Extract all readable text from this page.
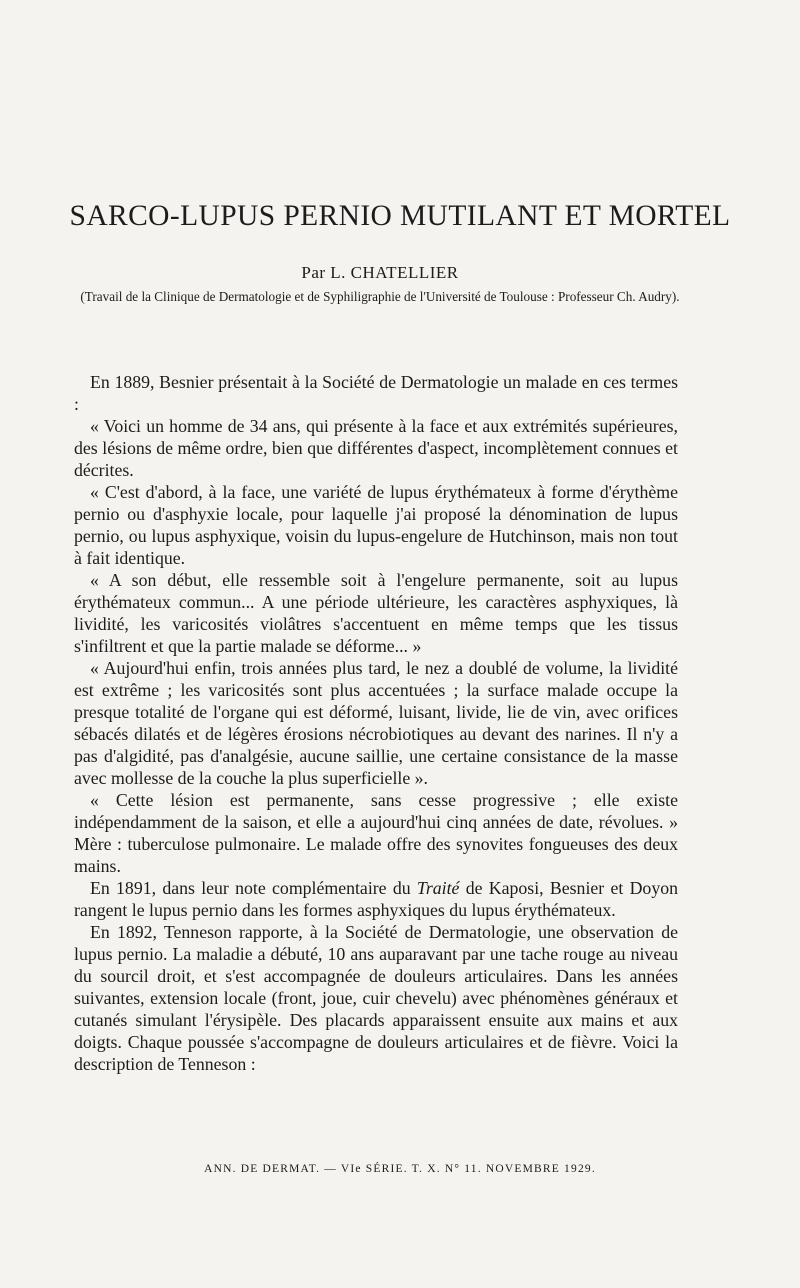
SARCO-LUPUS PERNIO MUTILANT ET MORTEL
Par L. CHATELLIER
(Travail de la Clinique de Dermatologie et de Syphiligraphie de l'Université de Toulouse : Professeur Ch. Audry).

En 1889, Besnier présentait à la Société de Dermatologie un malade en ces termes :

« Voici un homme de 34 ans, qui présente à la face et aux extrémités supérieures, des lésions de même ordre, bien que différentes d'aspect, incomplètement connues et décrites.

« C'est d'abord, à la face, une variété de lupus érythémateux à forme d'érythème pernio ou d'asphyxie locale, pour laquelle j'ai proposé la dénomination de lupus pernio, ou lupus asphyxique, voisin du lupus-engelure de Hutchinson, mais non tout à fait identique.

« A son début, elle ressemble soit à l'engelure permanente, soit au lupus érythémateux commun... A une période ultérieure, les caractères asphyxiques, là lividité, les varicosités violâtres s'accentuent en même temps que les tissus s'infiltrent et que la partie malade se déforme... »

« Aujourd'hui enfin, trois années plus tard, le nez a doublé de volume, la lividité est extrême ; les varicosités sont plus accentuées ; la surface malade occupe la presque totalité de l'organe qui est déformé, luisant, livide, lie de vin, avec orifices sébacés dilatés et de légères érosions nécrobiotiques au devant des narines. Il n'y a pas d'algidité, pas d'analgésie, aucune saillie, une certaine consistance de la masse avec mollesse de la couche la plus superficielle ».

« Cette lésion est permanente, sans cesse progressive ; elle existe indépendamment de la saison, et elle a aujourd'hui cinq années de date, révolues. » Mère : tuberculose pulmonaire. Le malade offre des synovites fongueuses des deux mains.

En 1891, dans leur note complémentaire du Traité de Kaposi, Besnier et Doyon rangent le lupus pernio dans les formes asphyxiques du lupus érythémateux.

En 1892, Tenneson rapporte, à la Société de Dermatologie, une observation de lupus pernio. La maladie a débuté, 10 ans auparavant par une tache rouge au niveau du sourcil droit, et s'est accompagnée de douleurs articulaires. Dans les années suivantes, extension locale (front, joue, cuir chevelu) avec phénomènes généraux et cutanés simulant l'érysipèle. Des placards apparaissent ensuite aux mains et aux doigts. Chaque poussée s'accompagne de douleurs articulaires et de fièvre. Voici la description de Tenneson :

ANN. DE DERMAT. — VIe SÉRIE. T. X. N° 11. NOVEMBRE 1929.
